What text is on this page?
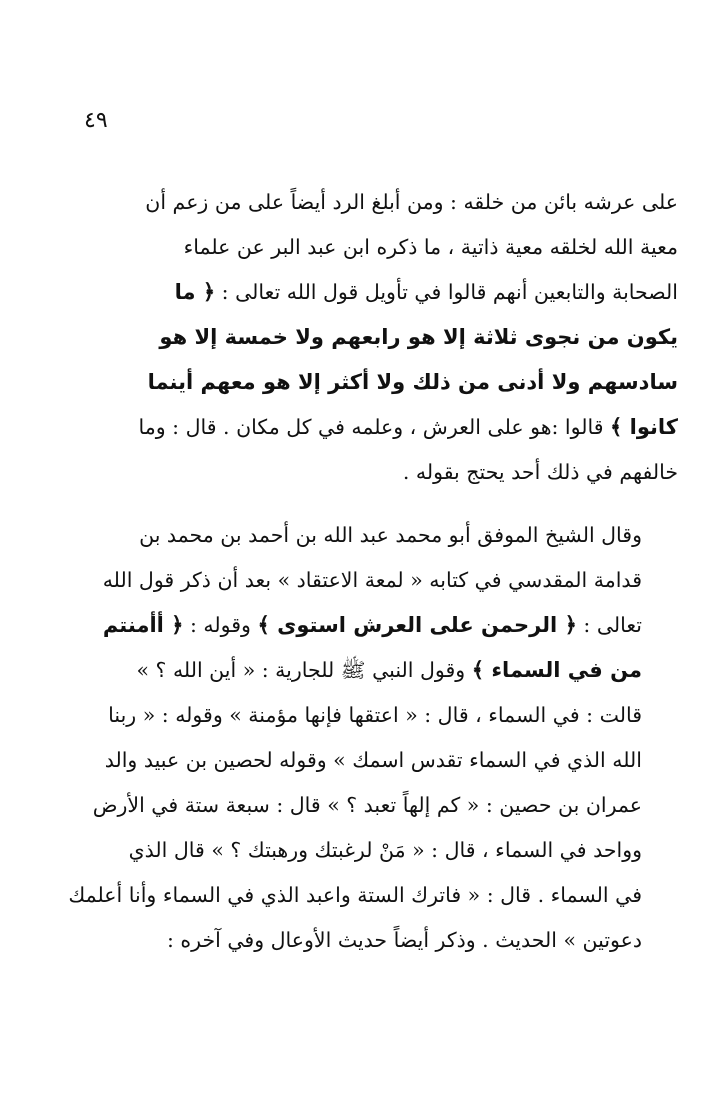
٤٩
على عرشه بائن من خلقه : ومن أبلغ الرد أيضاً على من زعم أن
معية الله لخلقه معية ذاتية ، ما ذكره ابن عبد البر عن علماء
الصحابة والتابعين أنهم قالوا في تأويل قول الله تعالى : ﴿ ما
يكون من نجوى ثلاثة إلا هو رابعهم ولا خمسة إلا هو
سادسهم ولا أدنى من ذلك ولا أكثر إلا هو معهم أينما
كانوا ﴾ قالوا :هو على العرش ، وعلمه في كل مكان . قال : وما
خالفهم في ذلك أحد يحتج بقوله .
وقال الشيخ الموفق أبو محمد عبد الله بن أحمد بن محمد بن
قدامة المقدسي في كتابه « لمعة الاعتقاد » بعد أن ذكر قول الله
تعالى : ﴿ الرحمن على العرش استوى ﴾ وقوله : ﴿ أأمنتم
من في السماء ﴾ وقول النبي ﷺ للجارية : « أين الله ؟ »
قالت : في السماء ، قال : « اعتقها فإنها مؤمنة » وقوله : « ربنا
الله الذي في السماء تقدس اسمك » وقوله لحصين بن عبيد والد
عمران بن حصين : « كم إلهاً تعبد ؟ » قال : سبعة ستة في الأرض
وواحد في السماء ، قال : « مَنْ لرغبتك ورهبتك ؟ » قال الذي
في السماء . قال : « فاترك الستة واعبد الذي في السماء وأنا أعلمك
دعوتين » الحديث . وذكر أيضاً حديث الأوعال وفي آخره :
